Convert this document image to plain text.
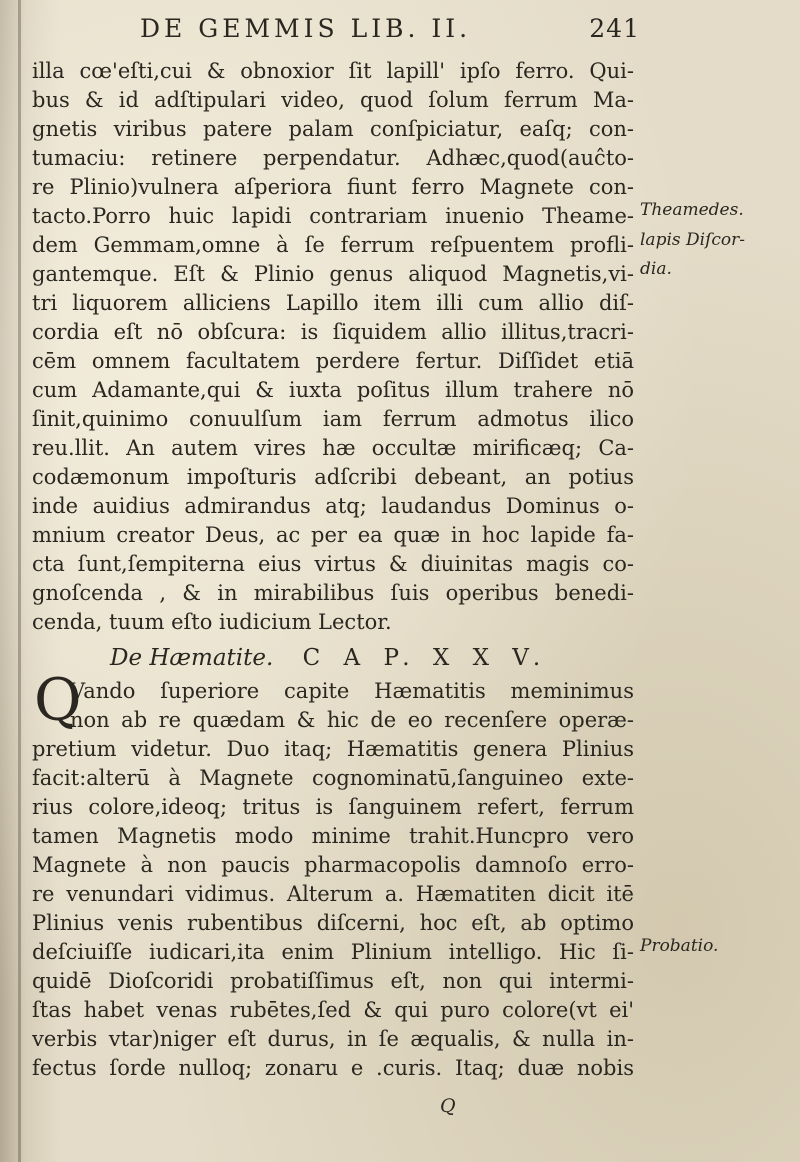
DE GEMMIS LIB. II.	241
illa cœ'eſti,cui & obnoxior ſit lapill' ipſo ferro. Qui-
bus & id adſtipulari video, quod ſolum ferrum Ma-
gnetis viribus patere palam conſpiciatur, eaſq; con-
tumaciu: retinere perpendatur. Adhæc,quod(auĉto-
re Plinio)vulnera aſperiora fiunt ferro Magnete con-
tacto.Porro huic lapidi contrariam inuenio Theame-
dem Gemmam,omne à ſe ferrum reſpuentem profli-
gantemque. Eſt & Plinio genus aliquod Magnetis,vi-
tri liquorem alliciens Lapillo item illi cum allio diſ-
cordia eſt nō obſcura: is ſiquidem allio illitus,tracri-
cēm omnem facultatem perdere fertur. Diſſidet etiā
cum Adamante,qui & iuxta poſitus illum trahere nō
ſinit,quinimo conuulſum iam ferrum admotus ilico
reu.llit. An autem vires hæ occultæ mirificæq; Ca-
codæmonum impoſturis adſcribi debeant, an potius
inde auidius admirandus atq; laudandus Dominus o-
mnium creator Deus, ac per ea quæ in hoc lapide fa-
cta ſunt,ſempiterna eius virtus & diuinitas magis co-
gnoſcenda , & in mirabilibus ſuis operibus benedi-
cenda, tuum eſto iudicium Lector.
De Hæmatite. C A P. X X V.
Q
Vando ſuperiore capite Hæmatitis meminimus
non ab re quædam & hic de eo recenſere operæ-
pretium videtur. Duo itaq; Hæmatitis genera Plinius
facit:alterū à Magnete cognominatū,ſanguineo exte-
rius colore,ideoq; tritus is ſanguinem refert, ferrum
tamen Magnetis modo minime trahit.Huncpro vero
Magnete à non paucis pharmacopolis damnoſo erro-
re venundari vidimus. Alterum a. Hæmatiten dicit itē
Plinius venis rubentibus diſcerni, hoc eſt, ab optimo
deſciuiſſe iudicari,ita enim Plinium intelligo. Hic ſi-
quidē Dioſcoridi probatiſſimus eſt, non qui intermi-
ſtas habet venas rubētes,ſed & qui puro colore(vt ei'
verbis vtar)niger eſt durus, in ſe æqualis, & nulla in-
fectus ſorde nulloq; zonaru e .curis. Itaq; duæ nobis
Theamedes.
lapis Diſcor-
dia.
Probatio.
Q
